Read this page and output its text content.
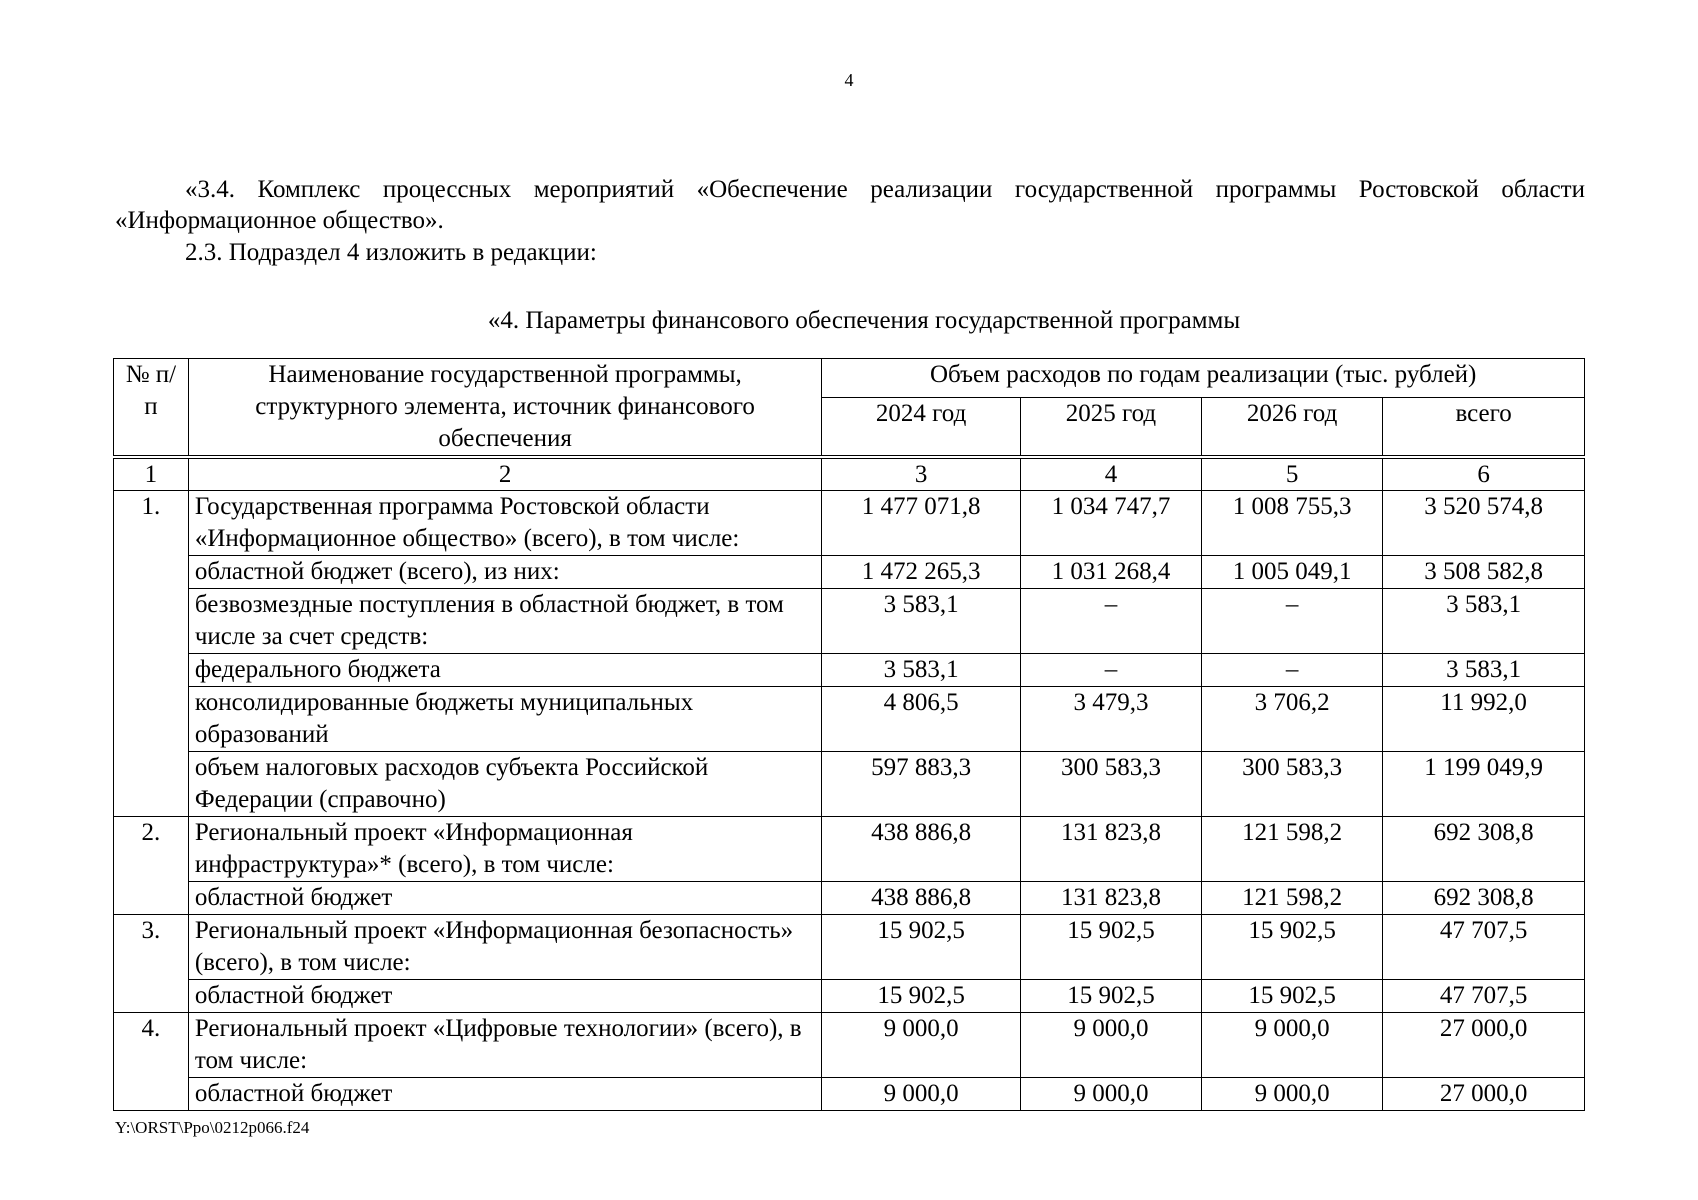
4
«3.4. Комплекс процессных мероприятий «Обеспечение реализации государственной программы Ростовской области «Информационное общество».
2.3. Подраздел 4 изложить в редакции:
«4. Параметры финансового обеспечения государственной программы
№ п/п	Наименование государственной программы, структурного элемента, источник финансового обеспечения	Объем расходов по годам реализации (тыс. рублей)			
		2024 год	2025 год	2026 год	всего
1	2	3	4	5	6
1.	Государственная программа Ростовской области «Информационное общество» (всего), в том числе:	1 477 071,8	1 034 747,7	1 008 755,3	3 520 574,8
	областной бюджет (всего), из них:	1 472 265,3	1 031 268,4	1 005 049,1	3 508 582,8
	безвозмездные поступления в областной бюджет, в том числе за счет средств:	3 583,1	–	–	3 583,1
	федерального бюджета	3 583,1	–	–	3 583,1
	консолидированные бюджеты муниципальных образований	4 806,5	3 479,3	3 706,2	11 992,0
	объем налоговых расходов субъекта Российской Федерации (справочно)	597 883,3	300 583,3	300 583,3	1 199 049,9
2.	Региональный проект «Информационная инфраструктура»* (всего), в том числе:	438 886,8	131 823,8	121 598,2	692 308,8
	областной бюджет	438 886,8	131 823,8	121 598,2	692 308,8
3.	Региональный проект «Информационная безопасность» (всего), в том числе:	15 902,5	15 902,5	15 902,5	47 707,5
	областной бюджет	15 902,5	15 902,5	15 902,5	47 707,5
4.	Региональный проект «Цифровые технологии» (всего), в том числе:	9 000,0	9 000,0	9 000,0	27 000,0
	областной бюджет	9 000,0	9 000,0	9 000,0	27 000,0
Y:\ORST\Ppo\0212p066.f24
